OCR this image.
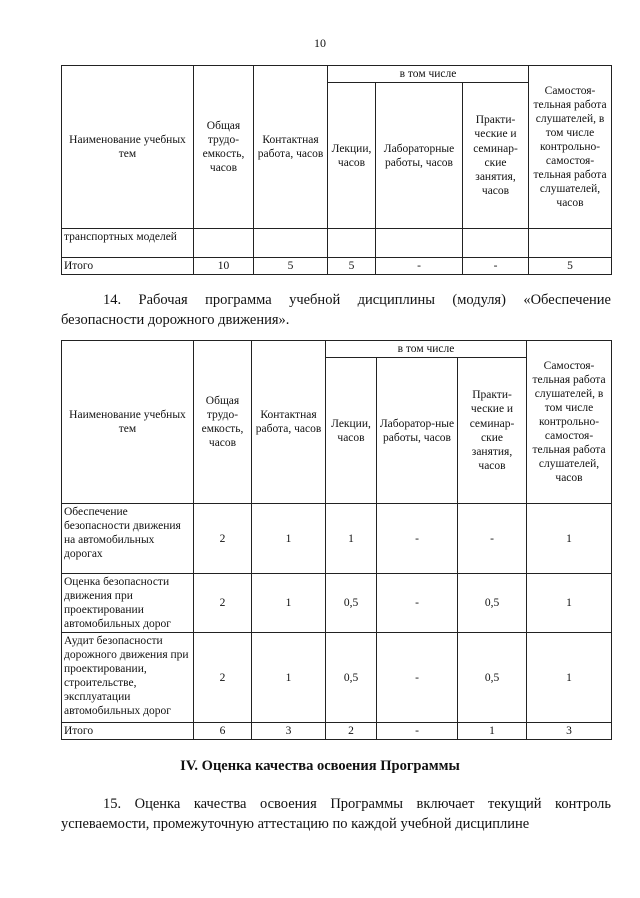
10
Наименование учебных тем	Общая трудо-емкость, часов	Контактная работа, часов	в том числе			Самостоя-тельная работа слушателей, в том числе контрольно-самостоя-тельная работа слушателей, часов
			Лекции, часов	Лабораторные работы, часов	Практи-ческие и семинар-ские занятия, часов	
транспортных моделей						
Итого	10	5	5	-	-	5
14. Рабочая программа учебной дисциплины (модуля) «Обеспечение безопасности дорожного движения».
Наименование учебных тем	Общая трудо-емкость, часов	Контактная работа, часов	в том числе			Самостоя-тельная работа слушателей, в том числе контрольно-самостоя-тельная работа слушателей, часов
			Лекции, часов	Лаборатор-ные работы, часов	Практи-ческие и семинар-ские занятия, часов	
Обеспечение безопасности движения на автомобильных дорогах	2	1	1	-	-	1
Оценка безопасности движения при проектировании автомобильных дорог	2	1	0,5	-	0,5	1
Аудит безопасности дорожного движения при проектировании, строительстве, эксплуатации автомобильных дорог	2	1	0,5	-	0,5	1
Итого	6	3	2	-	1	3
IV. Оценка качества освоения Программы
15. Оценка качества освоения Программы включает текущий контроль успеваемости, промежуточную аттестацию по каждой учебной дисциплине
